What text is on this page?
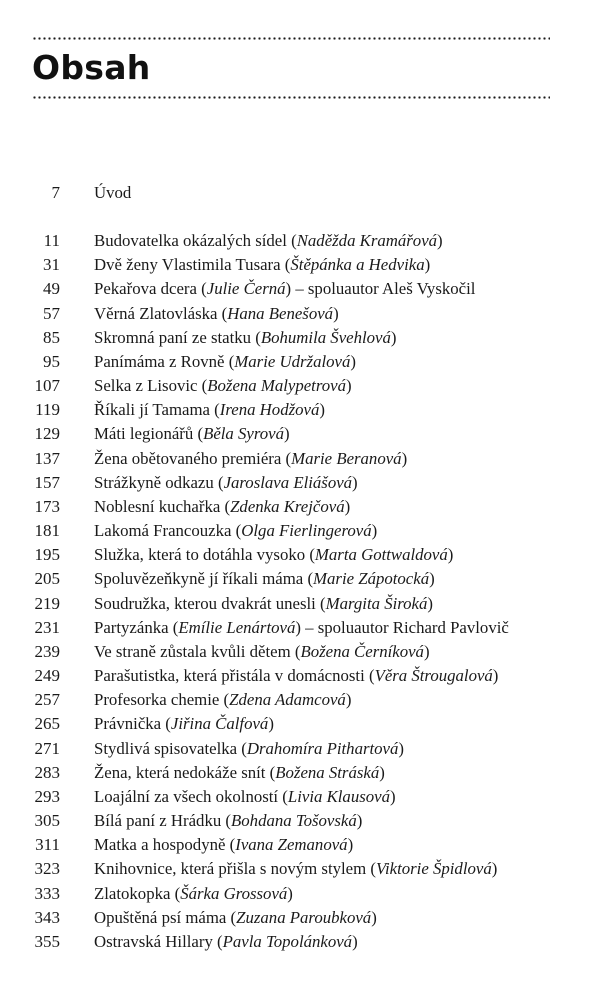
Obsah
7 Úvod
11 Budovatelka okázalých sídel (Naděžda Kramářová)
31 Dvě ženy Vlastimila Tusara (Štěpánka a Hedvika)
49 Pekařova dcera (Julie Černá) – spoluautor Aleš Vyskočil
57 Věrná Zlatovláska (Hana Benešová)
85 Skromná paní ze statku (Bohumila Švehlová)
95 Panímáma z Rovně (Marie Udržalová)
107 Selka z Lisovic (Božena Malypetrová)
119 Říkali jí Tamama (Irena Hodžová)
129 Máti legionářů (Běla Syrová)
137 Žena obětovaného premiéra (Marie Beranová)
157 Strážkyně odkazu (Jaroslava Eliášová)
173 Noblesní kuchařka (Zdenka Krejčová)
181 Lakomá Francouzka (Olga Fierlingerová)
195 Služka, která to dotáhla vysoko (Marta Gottwaldová)
205 Spoluvězeňkyně jí říkali máma (Marie Zápotocká)
219 Soudružka, kterou dvakrát unesli (Margita Široká)
231 Partyzánka (Emílie Lenártová) – spoluautor Richard Pavlovič
239 Ve straně zůstala kvůli dětem (Božena Černíková)
249 Parašutistka, která přistála v domácnosti (Věra Štrougalová)
257 Profesorka chemie (Zdena Adamcová)
265 Právnička (Jiřina Čalfová)
271 Stydlivá spisovatelka (Drahomíra Pithartová)
283 Žena, která nedokáže snít (Božena Stráská)
293 Loajální za všech okolností (Livia Klausová)
305 Bílá paní z Hrádku (Bohdana Tošovská)
311 Matka a hospodyně (Ivana Zemanová)
323 Knihovnice, která přišla s novým stylem (Viktorie Špidlová)
333 Zlatokopka (Šárka Grossová)
343 Opuštěná psí máma (Zuzana Paroubková)
355 Ostravská Hillary (Pavla Topolánková)
